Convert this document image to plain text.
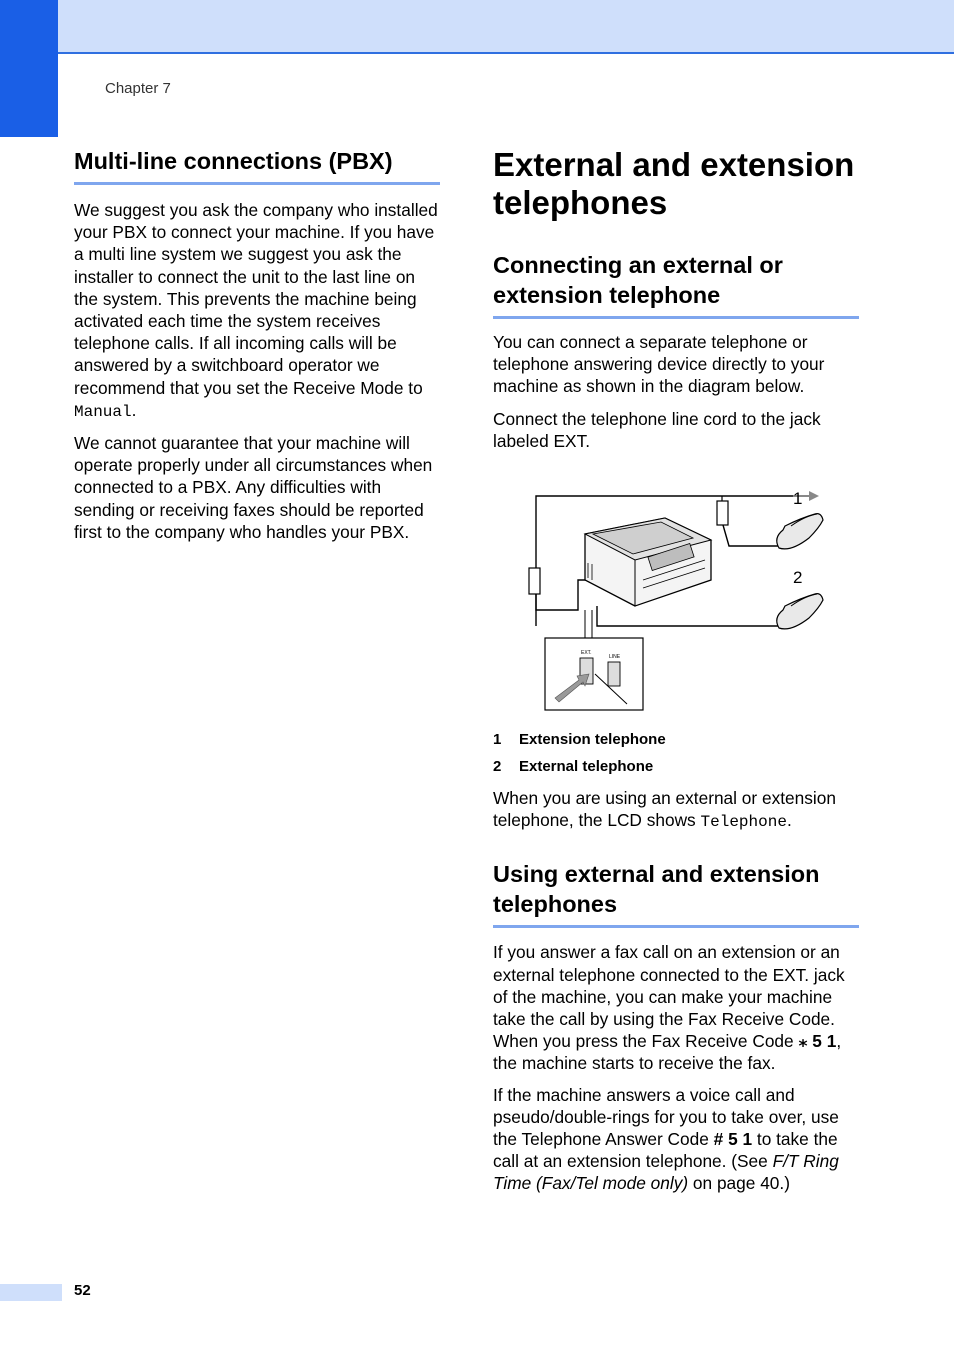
Chapter 7
Multi-line connections (PBX)

We suggest you ask the company who installed your PBX to connect your machine. If you have a multi line system we suggest you ask the installer to connect the unit to the last line on the system. This prevents the machine being activated each time the system receives telephone calls. If all incoming calls will be answered by a switchboard operator we recommend that you set the Receive Mode to Manual.

We cannot guarantee that your machine will operate properly under all circumstances when connected to a PBX. Any difficulties with sending or receiving faxes should be reported first to the company who handles your PBX.

External and extension telephones
Connecting an external or extension telephone

You can connect a separate telephone or telephone answering device directly to your machine as shown in the diagram below.

Connect the telephone line cord to the jack labeled EXT.

1
2
EXT.
LINE
1 Extension telephone
2 External telephone

When you are using an external or extension telephone, the LCD shows Telephone.

Using external and extension telephones

If you answer a fax call on an extension or an external telephone connected to the EXT. jack of the machine, you can make your machine take the call by using the Fax Receive Code. When you press the Fax Receive Code ⁎ 5 1, the machine starts to receive the fax.

If the machine answers a voice call and pseudo/double-rings for you to take over, use the Telephone Answer Code # 5 1 to take the call at an extension telephone. (See F/T Ring Time (Fax/Tel mode only) on page 40.)

52
